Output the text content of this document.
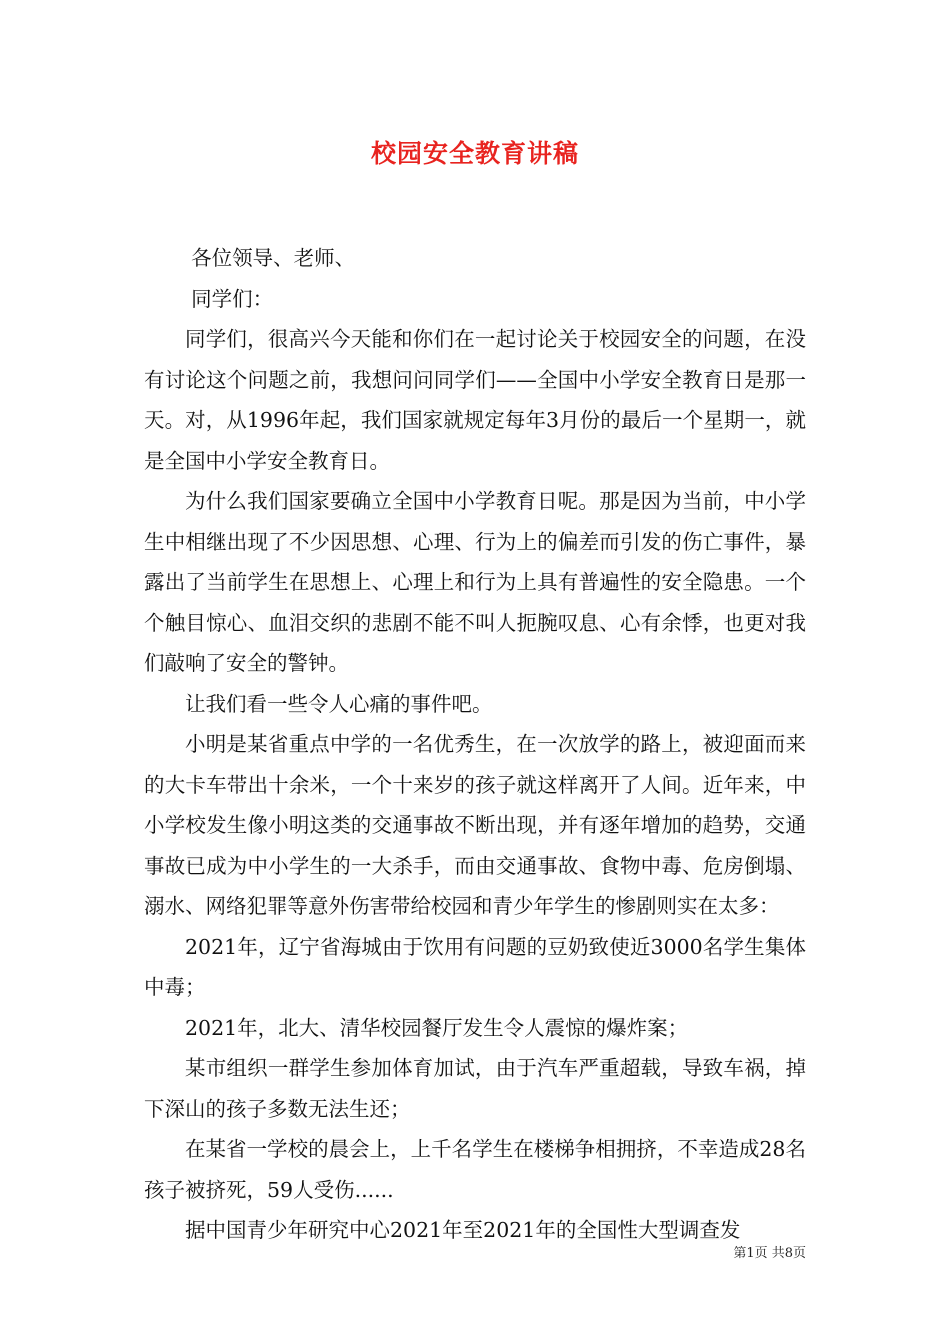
校园安全教育讲稿

各位领导、老师、

同学们：

同学们，很高兴今天能和你们在一起讨论关于校园安全的问题，在没有讨论这个问题之前，我想问问同学们——全国中小学安全教育日是那一天。对，从1996年起，我们国家就规定每年3月份的最后一个星期一，就是全国中小学安全教育日。

为什么我们国家要确立全国中小学教育日呢。那是因为当前，中小学生中相继出现了不少因思想、心理、行为上的偏差而引发的伤亡事件，暴露出了当前学生在思想上、心理上和行为上具有普遍性的安全隐患。一个个触目惊心、血泪交织的悲剧不能不叫人扼腕叹息、心有余悸，也更对我们敲响了安全的警钟。

让我们看一些令人心痛的事件吧。

小明是某省重点中学的一名优秀生，在一次放学的路上，被迎面而来的大卡车带出十余米，一个十来岁的孩子就这样离开了人间。近年来，中小学校发生像小明这类的交通事故不断出现，并有逐年增加的趋势，交通事故已成为中小学生的一大杀手，而由交通事故、食物中毒、危房倒塌、溺水、网络犯罪等意外伤害带给校园和青少年学生的惨剧则实在太多：

2021年，辽宁省海城由于饮用有问题的豆奶致使近3000名学生集体中毒；

2021年，北大、清华校园餐厅发生令人震惊的爆炸案；

某市组织一群学生参加体育加试，由于汽车严重超载，导致车祸，掉下深山的孩子多数无法生还；

在某省一学校的晨会上，上千名学生在楼梯争相拥挤，不幸造成28名孩子被挤死，59人受伤......

据中国青少年研究中心2021年至2021年的全国性大型调查发

第1页 共8页
